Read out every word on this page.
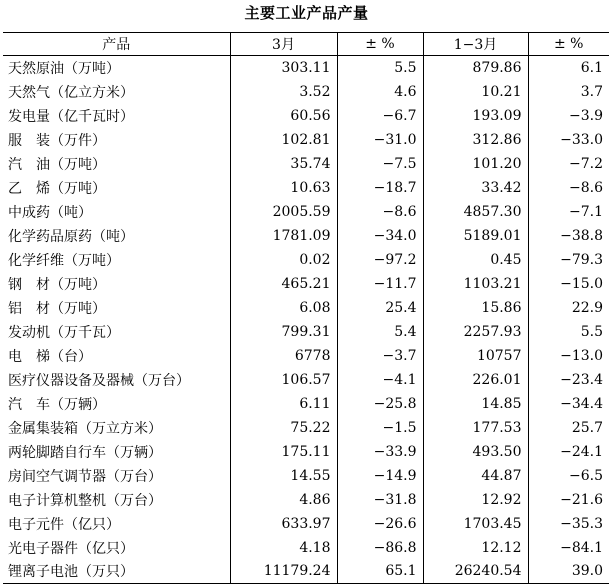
主要工业产品产量
产品	3月	± %	1−3月	± %
天然原油（万吨）	303.11	5.5	879.86	6.1
天然气（亿立方米）	3.52	4.6	10.21	3.7
发电量（亿千瓦时）	60.56	−6.7	193.09	−3.9
服　装（万件）	102.81	−31.0	312.86	−33.0
汽　油（万吨）	35.74	−7.5	101.20	−7.2
乙　烯（万吨）	10.63	−18.7	33.42	−8.6
中成药（吨）	2005.59	−8.6	4857.30	−7.1
化学药品原药（吨）	1781.09	−34.0	5189.01	−38.8
化学纤维（万吨）	0.02	−97.2	0.45	−79.3
钢　材（万吨）	465.21	−11.7	1103.21	−15.0
铝　材（万吨）	6.08	25.4	15.86	22.9
发动机（万千瓦）	799.31	5.4	2257.93	5.5
电　梯（台）	6778	−3.7	10757	−13.0
医疗仪器设备及器械（万台）	106.57	−4.1	226.01	−23.4
汽　车（万辆）	6.11	−25.8	14.85	−34.4
金属集装箱（万立方米）	75.22	−1.5	177.53	25.7
两轮脚踏自行车（万辆）	175.11	−33.9	493.50	−24.1
房间空气调节器（万台）	14.55	−14.9	44.87	−6.5
电子计算机整机（万台）	4.86	−31.8	12.92	−21.6
电子元件（亿只）	633.97	−26.6	1703.45	−35.3
光电子器件（亿只）	4.18	−86.8	12.12	−84.1
锂离子电池（万只）	11179.24	65.1	26240.54	39.0
